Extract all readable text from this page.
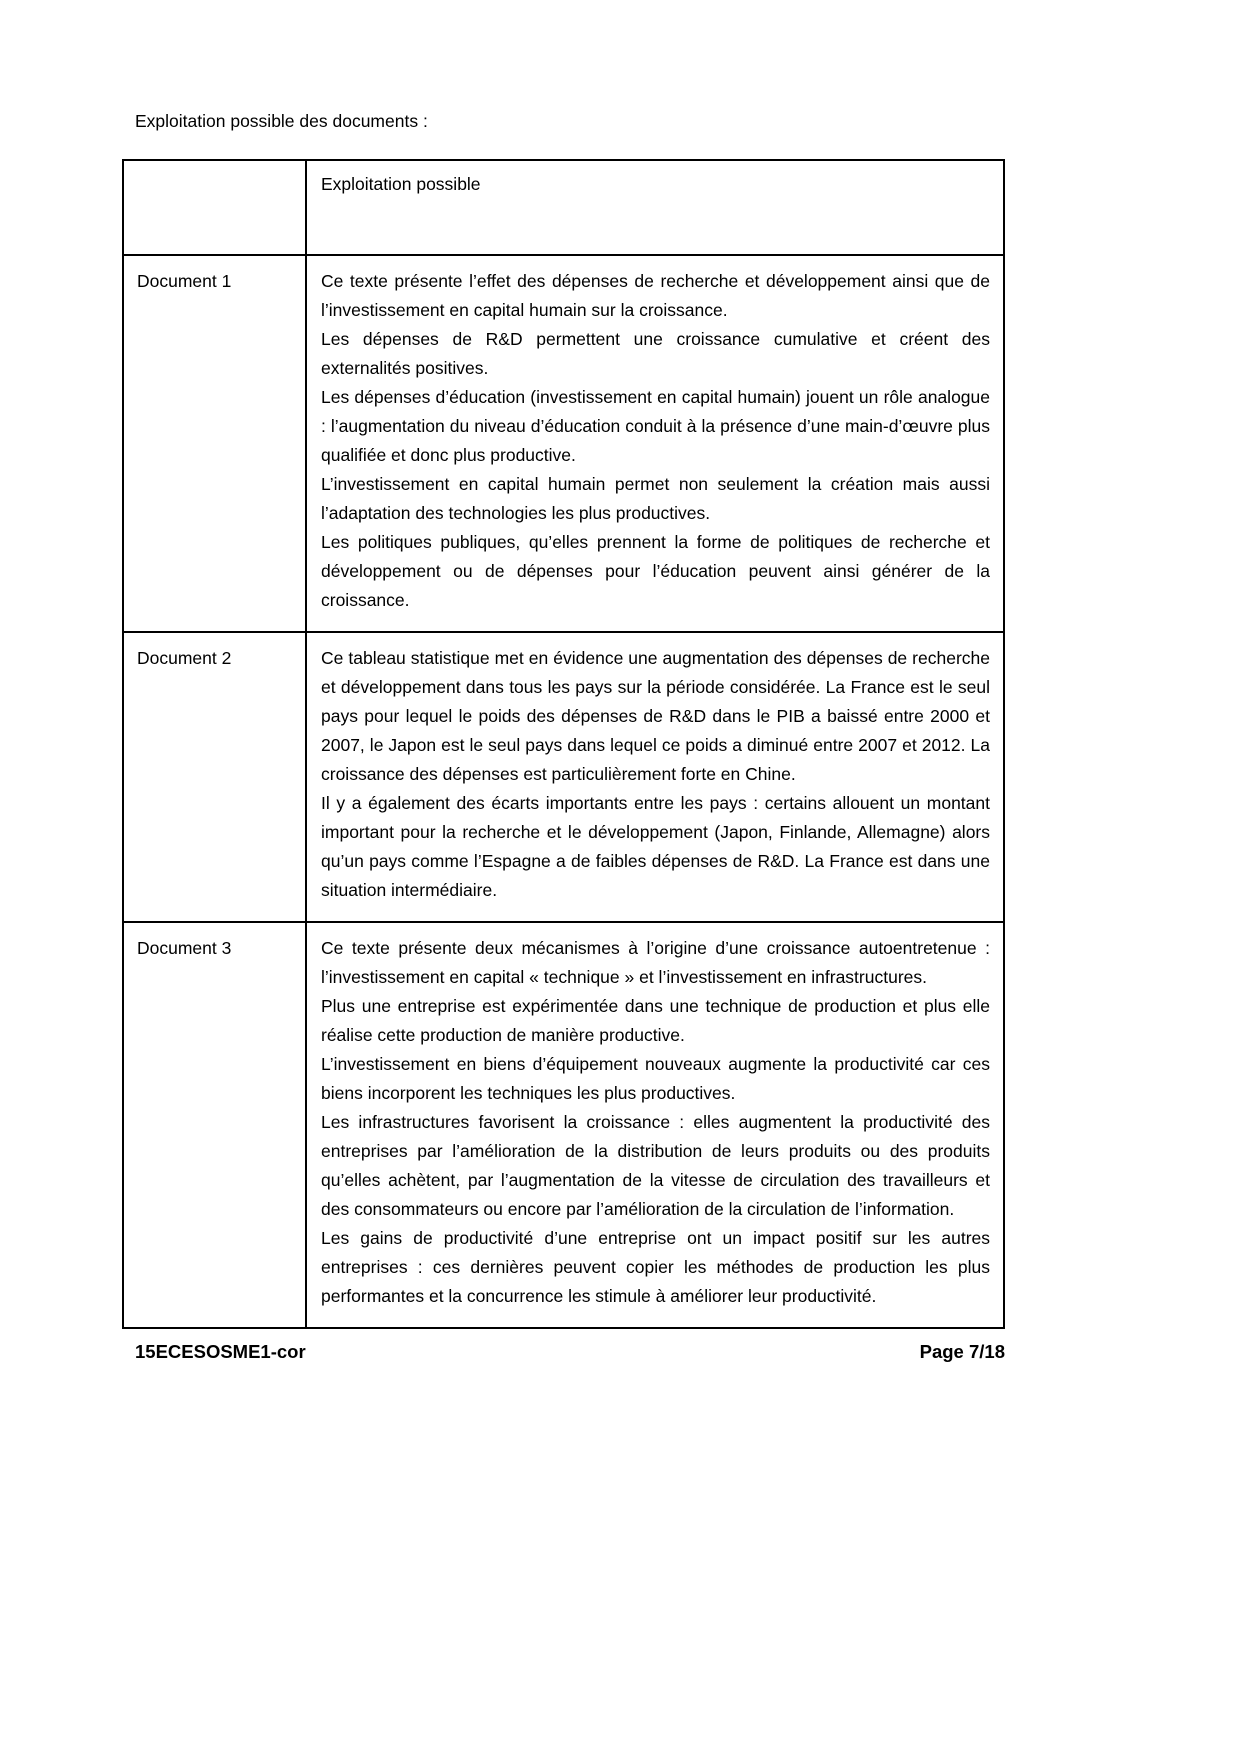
Exploitation possible des documents :

	Exploitation possible
Document 1	Ce texte présente l’effet des dépenses de recherche et développement ainsi que de l’investissement en capital humain sur la croissance.

Les dépenses de R&D permettent une croissance cumulative et créent des externalités positives.

Les dépenses d’éducation (investissement en capital humain) jouent un rôle analogue : l’augmentation du niveau d’éducation conduit à la présence d’une main-d’œuvre plus qualifiée et donc plus productive.

L’investissement en capital humain permet non seulement la création mais aussi l’adaptation des technologies les plus productives.

Les politiques publiques, qu’elles prennent la forme de politiques de recherche et développement ou de dépenses pour l’éducation peuvent ainsi générer de la croissance.

Document 2	Ce tableau statistique met en évidence une augmentation des dépenses de recherche et développement dans tous les pays sur la période considérée. La France est le seul pays pour lequel le poids des dépenses de R&D dans le PIB a baissé entre 2000 et 2007, le Japon est le seul pays dans lequel ce poids a diminué entre 2007 et 2012. La croissance des dépenses est particulièrement forte en Chine.

Il y a également des écarts importants entre les pays : certains allouent un montant important pour la recherche et le développement (Japon, Finlande, Allemagne) alors qu’un pays comme l’Espagne a de faibles dépenses de R&D. La France est dans une situation intermédiaire.

Document 3	Ce texte présente deux mécanismes à l’origine d’une croissance autoentretenue : l’investissement en capital « technique » et l’investissement en infrastructures.

Plus une entreprise est expérimentée dans une technique de production et plus elle réalise cette production de manière productive.

L’investissement en biens d’équipement nouveaux augmente la productivité car ces biens incorporent les techniques les plus productives.

Les infrastructures favorisent la croissance : elles augmentent la productivité des entreprises par l’amélioration de la distribution de leurs produits ou des produits qu’elles achètent, par l’augmentation de la vitesse de circulation des travailleurs et des consommateurs ou encore par l’amélioration de la circulation de l’information.

Les gains de productivité d’une entreprise ont un impact positif sur les autres entreprises : ces dernières peuvent copier les méthodes de production les plus performantes et la concurrence les stimule à améliorer leur productivité.

15ECESOSME1-cor	Page 7/18
